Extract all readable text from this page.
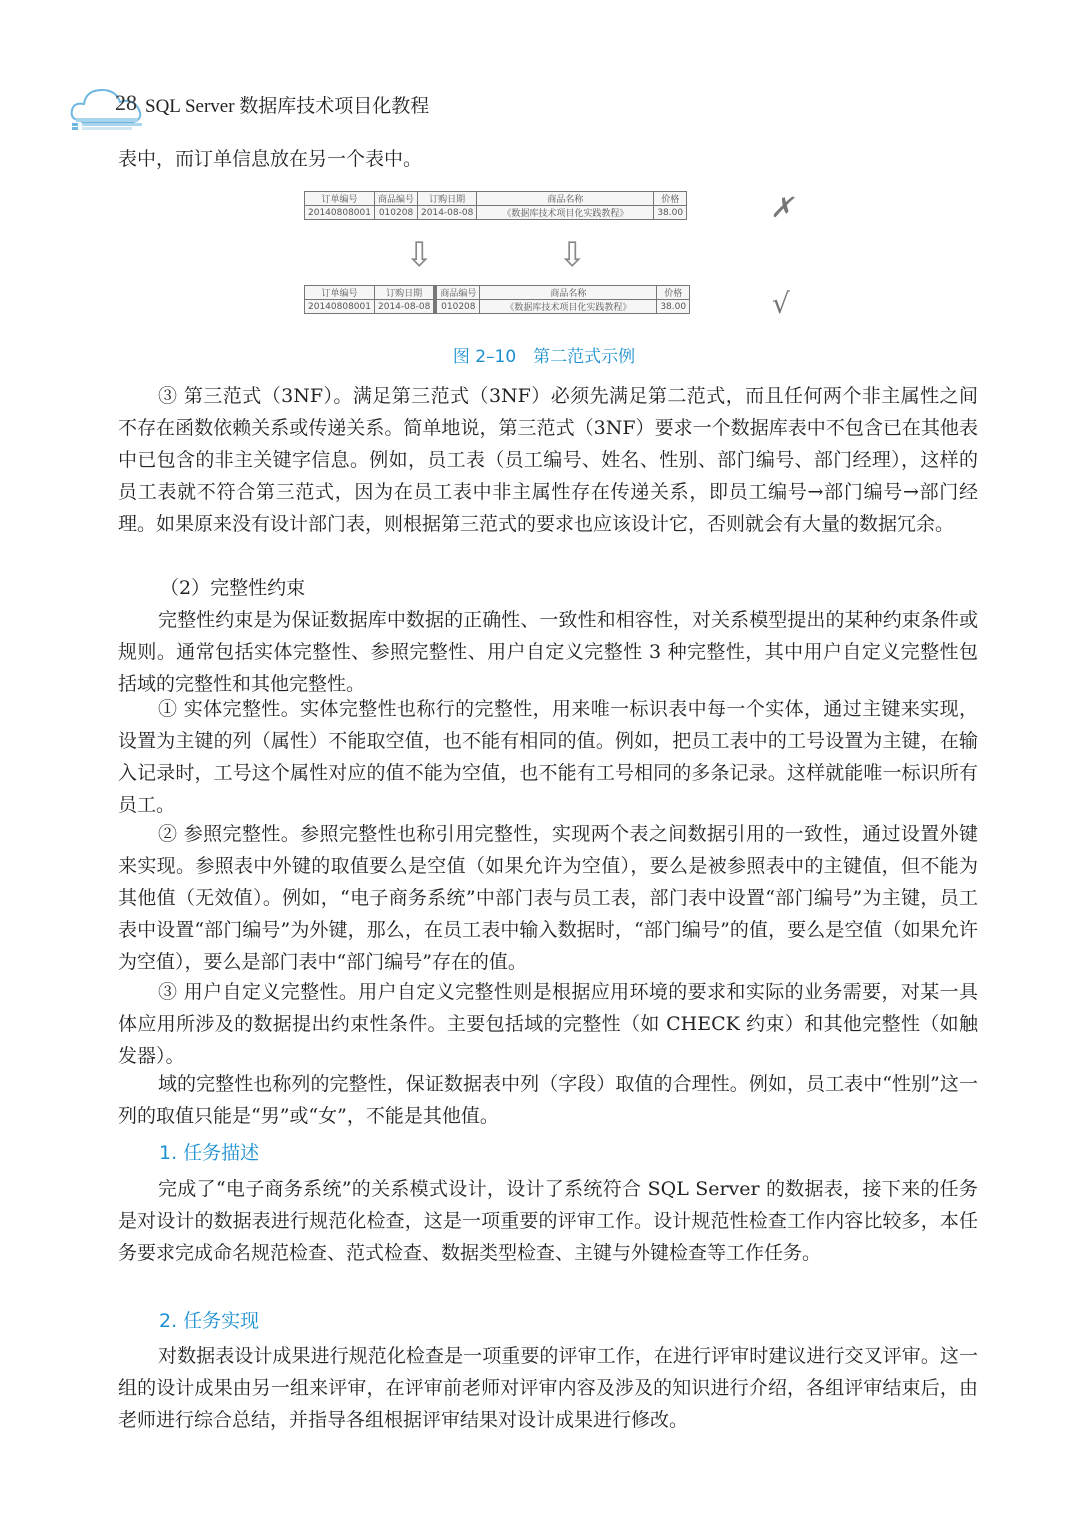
28 SQL Server 数据库技术项目化教程
表中，而订单信息放在另一个表中。
订单编号	商品编号	订购日期	商品名称	价格
20140808001	010208	2014-08-08	《数据库技术项目化实践教程》	38.00	✗
⇩	⇩
订单编号	订购日期	商品编号	商品名称	价格
20140808001	2014-08-08	010208	《数据库技术项目化实践教程》	38.00	√
图 2–10　第二范式示例
③ 第三范式（3NF）。满足第三范式（3NF）必须先满足第二范式，而且任何两个非主属性之间不存在函数依赖关系或传递关系。简单地说，第三范式（3NF）要求一个数据库表中不包含已在其他表中已包含的非主关键字信息。例如，员工表（员工编号、姓名、性别、部门编号、部门经理），这样的员工表就不符合第三范式，因为在员工表中非主属性存在传递关系，即员工编号→部门编号→部门经理。如果原来没有设计部门表，则根据第三范式的要求也应该设计它，否则就会有大量的数据冗余。
（2）完整性约束
完整性约束是为保证数据库中数据的正确性、一致性和相容性，对关系模型提出的某种约束条件或规则。通常包括实体完整性、参照完整性、用户自定义完整性 3 种完整性，其中用户自定义完整性包括域的完整性和其他完整性。
① 实体完整性。实体完整性也称行的完整性，用来唯一标识表中每一个实体，通过主键来实现，设置为主键的列（属性）不能取空值，也不能有相同的值。例如，把员工表中的工号设置为主键，在输入记录时，工号这个属性对应的值不能为空值，也不能有工号相同的多条记录。这样就能唯一标识所有员工。
② 参照完整性。参照完整性也称引用完整性，实现两个表之间数据引用的一致性，通过设置外键来实现。参照表中外键的取值要么是空值（如果允许为空值），要么是被参照表中的主键值，但不能为其他值（无效值）。例如，“电子商务系统”中部门表与员工表，部门表中设置“部门编号”为主键，员工表中设置“部门编号”为外键，那么，在员工表中输入数据时，“部门编号”的值，要么是空值（如果允许为空值），要么是部门表中“部门编号”存在的值。
③ 用户自定义完整性。用户自定义完整性则是根据应用环境的要求和实际的业务需要，对某一具体应用所涉及的数据提出约束性条件。主要包括域的完整性（如 CHECK 约束）和其他完整性（如触发器）。
域的完整性也称列的完整性，保证数据表中列（字段）取值的合理性。例如，员工表中“性别”这一列的取值只能是“男”或“女”，不能是其他值。
1. 任务描述
完成了“电子商务系统”的关系模式设计，设计了系统符合 SQL Server 的数据表，接下来的任务是对设计的数据表进行规范化检查，这是一项重要的评审工作。设计规范性检查工作内容比较多，本任务要求完成命名规范检查、范式检查、数据类型检查、主键与外键检查等工作任务。
2. 任务实现
对数据表设计成果进行规范化检查是一项重要的评审工作，在进行评审时建议进行交叉评审。这一组的设计成果由另一组来评审，在评审前老师对评审内容及涉及的知识进行介绍，各组评审结束后，由老师进行综合总结，并指导各组根据评审结果对设计成果进行修改。
